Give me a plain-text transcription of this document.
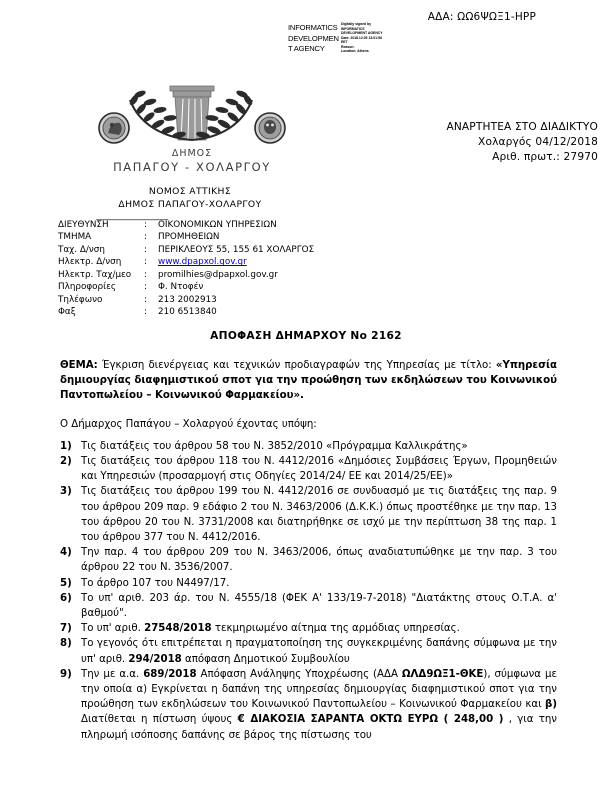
ΑΔΑ: ΩΩ6ΨΩΞ1-ΗΡΡ
INFORMATICS
DEVELOPMEN
T AGENCY
Digitally signed by
INFORMATICS
DEVELOPMENT AGENCY
Date: 2018.12.05 13:01:56
EET
Reason:
Location: Athens
ΔΗΜΟΣ
ΠΑΠΑΓΟΥ - ΧΟΛΑΡΓΟΥ
ΑΝΑΡΤΗΤΕΑ ΣΤΟ ΔΙΑΔΙΚΤΥΟ
Χολαργός 04/12/2018
Αριθ. πρωτ.: 27970
ΝΟΜΟΣ ΑΤΤΙΚΗΣ
ΔΗΜΟΣ ΠΑΠΑΓΟΥ-ΧΟΛΑΡΓΟΥ
________________
ΔΙΕΥΘΥΝΣΗ	:	ΟΙΚΟΝΟΜΙΚΩΝ ΥΠΗΡΕΣΙΩΝ
ΤΜΗΜΑ	:	ΠΡΟΜΗΘΕΙΩΝ
Ταχ. Δ/νση	:	ΠΕΡΙΚΛΕΟΥΣ 55, 155 61 ΧΟΛΑΡΓΟΣ
Ηλεκτρ. Δ/νση	:	www.dpapxol.gov.gr
Ηλεκτρ. Ταχ/μεο	:	promilhies@dpapxol.gov.gr
Πληροφορίες	:	Φ. Ντοφέν
Τηλέφωνο	:	213 2002913
Φαξ	:	210 6513840
ΑΠΟΦΑΣΗ ΔΗΜΑΡΧΟΥ Νο 2162
ΘΕΜΑ: Έγκριση διενέργειας και τεχνικών προδιαγραφών της Υπηρεσίας με τίτλο: «Υπηρεσία δημιουργίας διαφημιστικού σποτ για την προώθηση των εκδηλώσεων του Κοινωνικού Παντοπωλείου – Κοινωνικού Φαρμακείου».
Ο Δήμαρχος Παπάγου – Χολαργού έχοντας υπόψη:
Τις διατάξεις του άρθρου 58 του Ν. 3852/2010 «Πρόγραμμα Καλλικράτης»
Τις διατάξεις του άρθρου 118 του Ν. 4412/2016 «Δημόσιες Συμβάσεις Έργων, Προμηθειών και Υπηρεσιών (προσαρμογή στις Οδηγίες 2014/24/ ΕΕ και 2014/25/ΕΕ)»
Τις διατάξεις του άρθρου 199 του Ν. 4412/2016 σε συνδυασμό με τις διατάξεις της παρ. 9 του άρθρου 209 παρ. 9 εδάφιο 2 του Ν. 3463/2006 (Δ.Κ.Κ.) όπως προστέθηκε με την παρ. 13 του άρθρου 20 του Ν. 3731/2008 και διατηρήθηκε σε ισχύ με την περίπτωση 38 της παρ. 1 του άρθρου 377 του Ν. 4412/2016.
Την παρ. 4 του άρθρου 209 του Ν. 3463/2006, όπως αναδιατυπώθηκε με την παρ. 3 του άρθρου 22 του Ν. 3536/2007.
Το άρθρο 107 του Ν4497/17.
Το υπ' αριθ. 203 άρ. του Ν. 4555/18 (ΦΕΚ Α' 133/19-7-2018) "Διατάκτης στους Ο.Τ.Α. α' βαθμού".
Το υπ' αριθ. 27548/2018 τεκμηριωμένο αίτημα της αρμόδιας υπηρεσίας.
Το γεγονός ότι επιτρέπεται η πραγματοποίηση της συγκεκριμένης δαπάνης σύμφωνα με την υπ' αριθ. 294/2018 απόφαση Δημοτικού Συμβουλίου
Την με α.α. 689/2018 Απόφαση Ανάληψης Υποχρέωσης (ΑΔΑ ΩΛΔ9ΩΞ1-ΘΚΕ), σύμφωνα με την οποία α) Εγκρίνεται η δαπάνη της υπηρεσίας δημιουργίας διαφημιστικού σποτ για την προώθηση των εκδηλώσεων του Κοινωνικού Παντοπωλείου – Κοινωνικού Φαρμακείου και β) Διατίθεται η πίστωση ύψους € ΔΙΑΚΟΣΙΑ ΣΑΡΑΝΤΑ ΟΚΤΩ ΕΥΡΩ ( 248,00 ) , για την πληρωμή ισόποσης δαπάνης σε βάρος της πίστωσης του
